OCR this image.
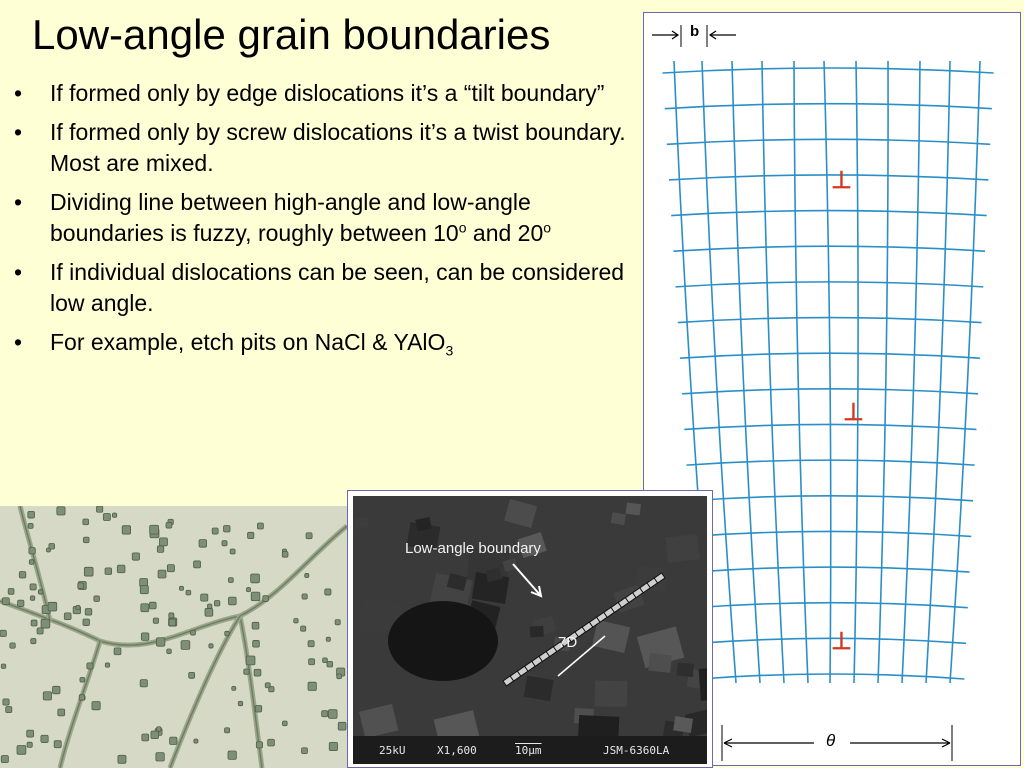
Low-angle grain boundaries
• If formed only by edge dislocations it’s a “tilt boundary”
• If formed only by screw dislocations it’s a twist boundary. Most are mixed.
• Dividing line between high-angle and low-angle boundaries is fuzzy, roughly between 10$^o$ and 20$^o$
• If individual dislocations can be seen, can be considered low angle.
• For example, etch pits on NaCl & YAlO$_3$
b
θ
⊥
⊥
⊥
Low-angle boundary
7D
25kU	X1,600	10μm	JSM-6360LA
